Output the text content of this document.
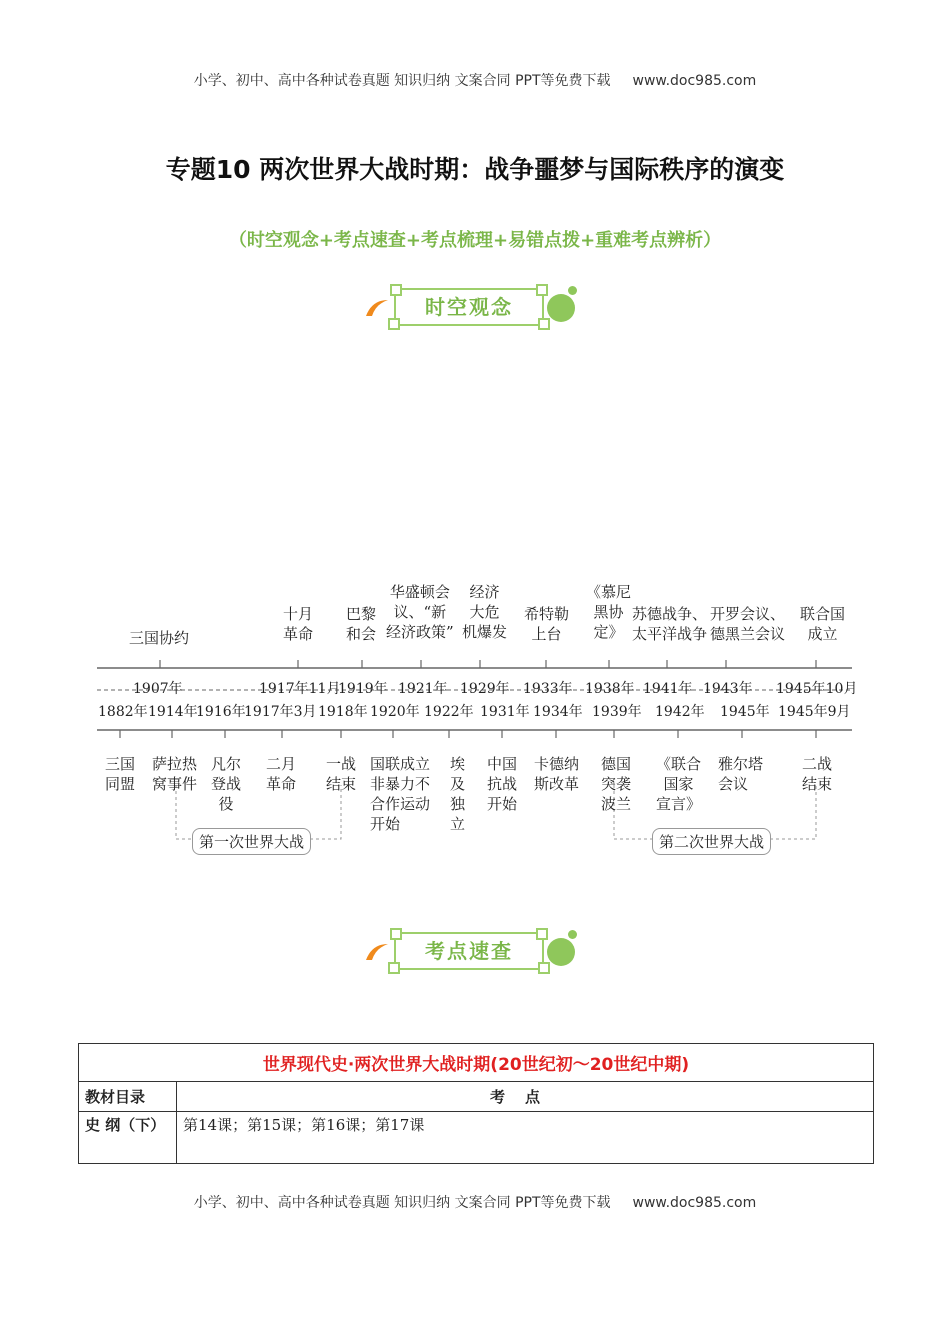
小学、初中、高中各种试卷真题 知识归纳 文案合同 PPT等免费下载 www.doc985.com
专题10 两次世界大战时期：战争噩梦与国际秩序的演变
（时空观念+考点速查+考点梳理+易错点拨+重难考点辨析）
时空观念
三国协约
十月
革命
巴黎
和会
华盛顿会
议、“新
经济政策”
经济
大危
机爆发
希特勒
上台
《慕尼
黑协
定》
苏德战争、
太平洋战争
开罗会议、
德黑兰会议
联合国
成立
1907年	1917年11月
1919年 1921年 1929年 1933年 1938年 1941年 1943年 1945年10月
1882年 1914年
1916年
1917年3月 1918年 1920年 1922年 1931年 1934年 1939年 1942年 1945年 1945年9月
三国
同盟
萨拉热
窝事件
凡尔
登战
役
二月
革命
一战
结束
国联成立
非暴力不
合作运动
开始
埃
及
独
立
中国
抗战
开始
卡德纳
斯改革
德国
突袭
波兰
《联合
国家
宣言》
雅尔塔
会议
二战
结束
第一次世界大战	第二次世界大战
考点速查
世界现代史·两次世界大战时期(20世纪初～20世纪中期)	
教材目录	考点
史 纲（下）	第14课；第15课；第16课；第17课
小学、初中、高中各种试卷真题 知识归纳 文案合同 PPT等免费下载 www.doc985.com
